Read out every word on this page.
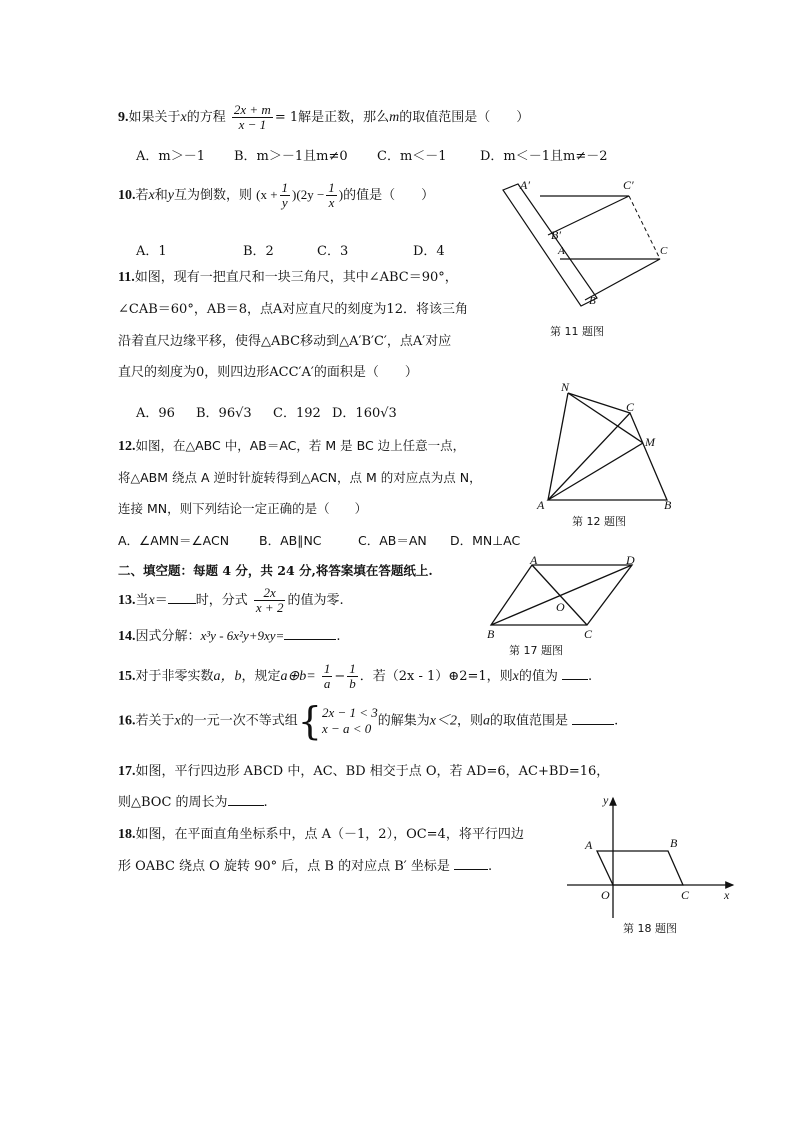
9.如果关于x的方程 $\frac{2x + m}{x - 1} = 1$解是正数，那么m的取值范围是（　　）
A．m＞－1 B．m＞－1且m≠0 C．m＜－1	D．m＜－1且m≠－2
10.若x和y互为倒数，则 $(x + \frac{1}{y} )(2y - \frac{1}{x}$ )的值是（　　）
A．1	B．2	C．3	D．4
A′	C′
B′
A	C
B
第 11 题图
11.如图，现有一把直尺和一块三角尺，其中∠ABC＝90°，
∠CAB＝60°，AB＝8，点A对应直尺的刻度为12．将该三角
沿着直尺边缘平移，使得△ABC移动到△A′B′C′，点A′对应
直尺的刻度为0，则四边形ACC′A′的面积是（　　）
A．96 B．96√3 C．192 D．160√3
N
C
M
A	B
第 12 题图
12.如图，在△ABC 中，AB＝AC，若 M 是 BC 边上任意一点，
将△ABM 绕点 A 逆时针旋转得到△ACN，点 M 的对应点为点 N，
连接 MN，则下列结论一定正确的是（　　）
A．∠AMN＝∠ACN B．AB∥NC	C．AB＝AN D．MN⊥AC
二、填空题：每题 4 分，共 24 分,将答案填在答题纸上.
A	D
O
B	C
第 17 题图
13.当x＝ 时，分式 $\frac{2x}{x + 2}$ 的值为零.
14.因式分解：x³y - 6x²y+9xy=	.
15.对于非零实数a，b，规定a⊕b= $\frac{1}{a} - \frac{1}{b}$ ．若（2x - 1）⊕2=1，则x的值为 .
16.若关于x的一元一次不等式组{ 2x − 1 < 3
x − a < 0 的解集为x＜2，则a的取值范围是	.
17.如图，平行四边形 ABCD 中，AC、BD 相交于点 O，若 AD=6，AC+BD=16，
则△BOC 的周长为	.	y
x
A	B
O	C
第 18 题图
18.如图，在平面直角坐标系中，点 A（－1，2），OC=4，将平行四边
形 OABC 绕点 O 旋转 90° 后，点 B 的对应点 B′ 坐标是	.
